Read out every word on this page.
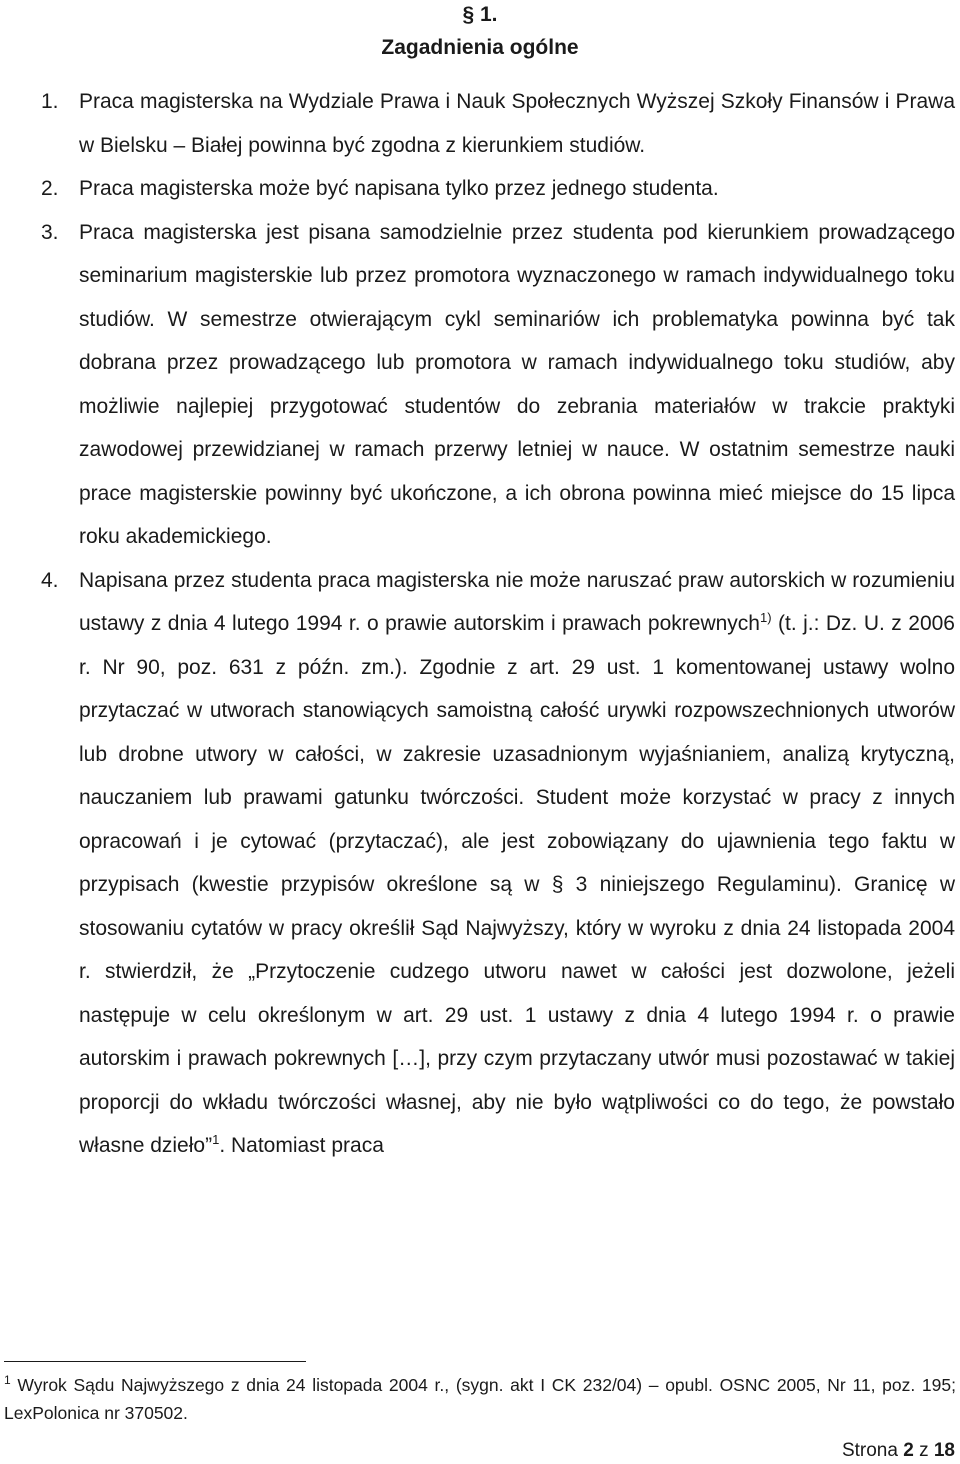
§ 1.
Zagadnienia ogólne
1. Praca magisterska na Wydziale Prawa i Nauk Społecznych Wyższej Szkoły Finansów i Prawa w Bielsku – Białej powinna być zgodna z kierunkiem studiów.
2. Praca magisterska może być napisana tylko przez jednego studenta.
3. Praca magisterska jest pisana samodzielnie przez studenta pod kierunkiem prowadzącego seminarium magisterskie lub przez promotora wyznaczonego w ramach indywidualnego toku studiów. W semestrze otwierającym cykl seminariów ich problematyka powinna być tak dobrana przez prowadzącego lub promotora w ramach indywidualnego toku studiów, aby możliwie najlepiej przygotować studentów do zebrania materiałów w trakcie praktyki zawodowej przewidzianej w ramach przerwy letniej w nauce. W ostatnim semestrze nauki prace magisterskie powinny być ukończone, a ich obrona powinna mieć miejsce do 15 lipca roku akademickiego.
4. Napisana przez studenta praca magisterska nie może naruszać praw autorskich w rozumieniu ustawy z dnia 4 lutego 1994 r. o prawie autorskim i prawach pokrewnych$^{1)}$ (t. j.: Dz. U. z 2006 r. Nr 90, poz. 631 z późn. zm.). Zgodnie z art. 29 ust. 1 komentowanej ustawy wolno przytaczać w utworach stanowiących samoistną całość urywki rozpowszechnionych utworów lub drobne utwory w całości, w zakresie uzasadnionym wyjaśnianiem, analizą krytyczną, nauczaniem lub prawami gatunku twórczości. Student może korzystać w pracy z innych opracowań i je cytować (przytaczać), ale jest zobowiązany do ujawnienia tego faktu w przypisach (kwestie przypisów określone są w § 3 niniejszego Regulaminu). Granicę w stosowaniu cytatów w pracy określił Sąd Najwyższy, który w wyroku z dnia 24 listopada 2004 r. stwierdził, że „Przytoczenie cudzego utworu nawet w całości jest dozwolone, jeżeli następuje w celu określonym w art. 29 ust. 1 ustawy z dnia 4 lutego 1994 r. o prawie autorskim i prawach pokrewnych […], przy czym przytaczany utwór musi pozostawać w takiej proporcji do wkładu twórczości własnej, aby nie było wątpliwości co do tego, że powstało własne dzieło”$^1$. Natomiast praca
$^1$ Wyrok Sądu Najwyższego z dnia 24 listopada 2004 r., (sygn. akt I CK 232/04) – opubl. OSNC 2005, Nr 11, poz. 195; LexPolonica nr 370502.
Strona 2 z 18
